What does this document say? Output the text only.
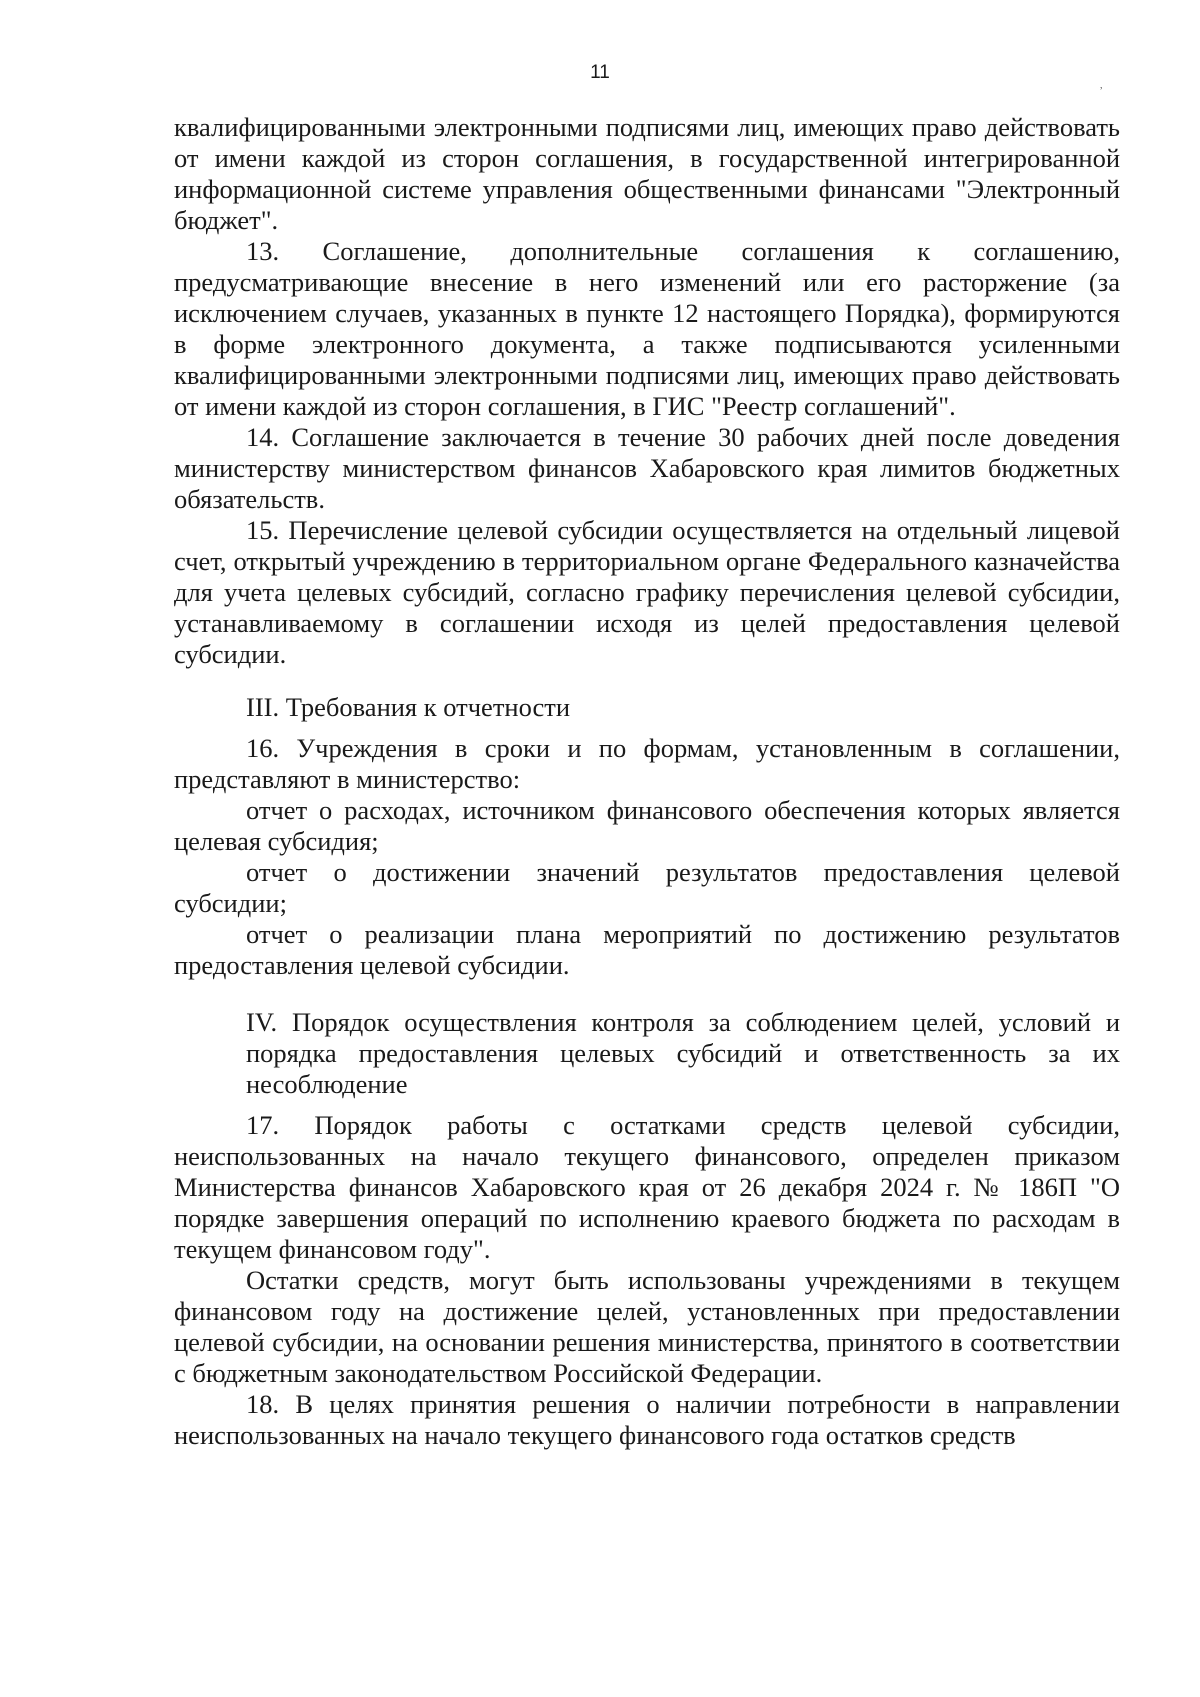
11
,

квалифицированными электронными подписями лиц, имеющих право действовать от имени каждой из сторон соглашения, в государственной интегрированной информационной системе управления общественными финансами "Электронный бюджет".

13. Соглашение, дополнительные соглашения к соглашению, предусматривающие внесение в него изменений или его расторжение (за исключением случаев, указанных в пункте 12 настоящего Порядка), формируются в форме электронного документа, а также подписываются усиленными квалифицированными электронными подписями лиц, имеющих право действовать от имени каждой из сторон соглашения, в ГИС "Реестр соглашений".

14. Соглашение заключается в течение 30 рабочих дней после доведения министерству министерством финансов Хабаровского края лимитов бюджетных обязательств.

15. Перечисление целевой субсидии осуществляется на отдельный лицевой счет, открытый учреждению в территориальном органе Федерального казначейства для учета целевых субсидий, согласно графику перечисления целевой субсидии, устанавливаемому в соглашении исходя из целей предоставления целевой субсидии.

III. Требования к отчетности

16. Учреждения в сроки и по формам, установленным в соглашении, представляют в министерство:

отчет о расходах, источником финансового обеспечения которых является целевая субсидия;

отчет о достижении значений результатов предоставления целевой субсидии;

отчет о реализации плана мероприятий по достижению результатов предоставления целевой субсидии.

IV. Порядок осуществления контроля за соблюдением целей, условий и порядка предоставления целевых субсидий и ответственность за их несоблюдение

17. Порядок работы с остатками средств целевой субсидии, неиспользованных на начало текущего финансового, определен приказом Министерства финансов Хабаровского края от 26 декабря 2024 г. № 186П "О порядке завершения операций по исполнению краевого бюджета по расходам в текущем финансовом году".

Остатки средств, могут быть использованы учреждениями в текущем финансовом году на достижение целей, установленных при предоставлении целевой субсидии, на основании решения министерства, принятого в соответствии с бюджетным законодательством Российской Федерации.

18. В целях принятия решения о наличии потребности в направлении неиспользованных на начало текущего финансового года остатков средств
